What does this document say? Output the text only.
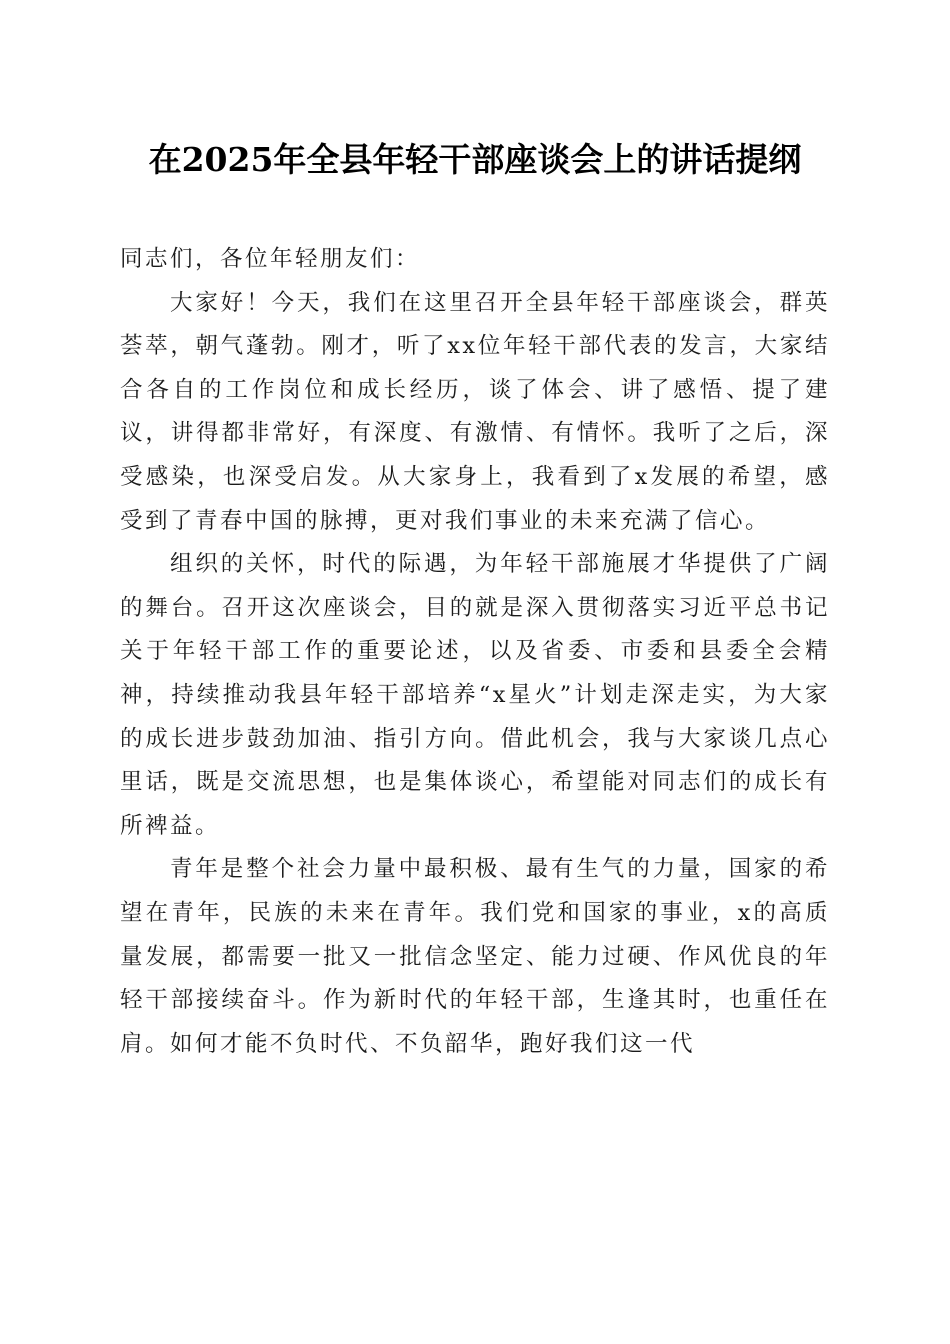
在2025年全县年轻干部座谈会上的讲话提纲

同志们，各位年轻朋友们：

大家好！今天，我们在这里召开全县年轻干部座谈会，群英荟萃，朝气蓬勃。刚才，听了xx位年轻干部代表的发言，大家结合各自的工作岗位和成长经历，谈了体会、讲了感悟、提了建议，讲得都非常好，有深度、有激情、有情怀。我听了之后，深受感染，也深受启发。从大家身上，我看到了x发展的希望，感受到了青春中国的脉搏，更对我们事业的未来充满了信心。

组织的关怀，时代的际遇，为年轻干部施展才华提供了广阔的舞台。召开这次座谈会，目的就是深入贯彻落实习近平总书记关于年轻干部工作的重要论述，以及省委、市委和县委全会精神，持续推动我县年轻干部培养“x星火”计划走深走实，为大家的成长进步鼓劲加油、指引方向。借此机会，我与大家谈几点心里话，既是交流思想，也是集体谈心，希望能对同志们的成长有所裨益。

青年是整个社会力量中最积极、最有生气的力量，国家的希望在青年，民族的未来在青年。我们党和国家的事业，x的高质量发展，都需要一批又一批信念坚定、能力过硬、作风优良的年轻干部接续奋斗。作为新时代的年轻干部，生逢其时，也重任在肩。如何才能不负时代、不负韶华，跑好我们这一代
